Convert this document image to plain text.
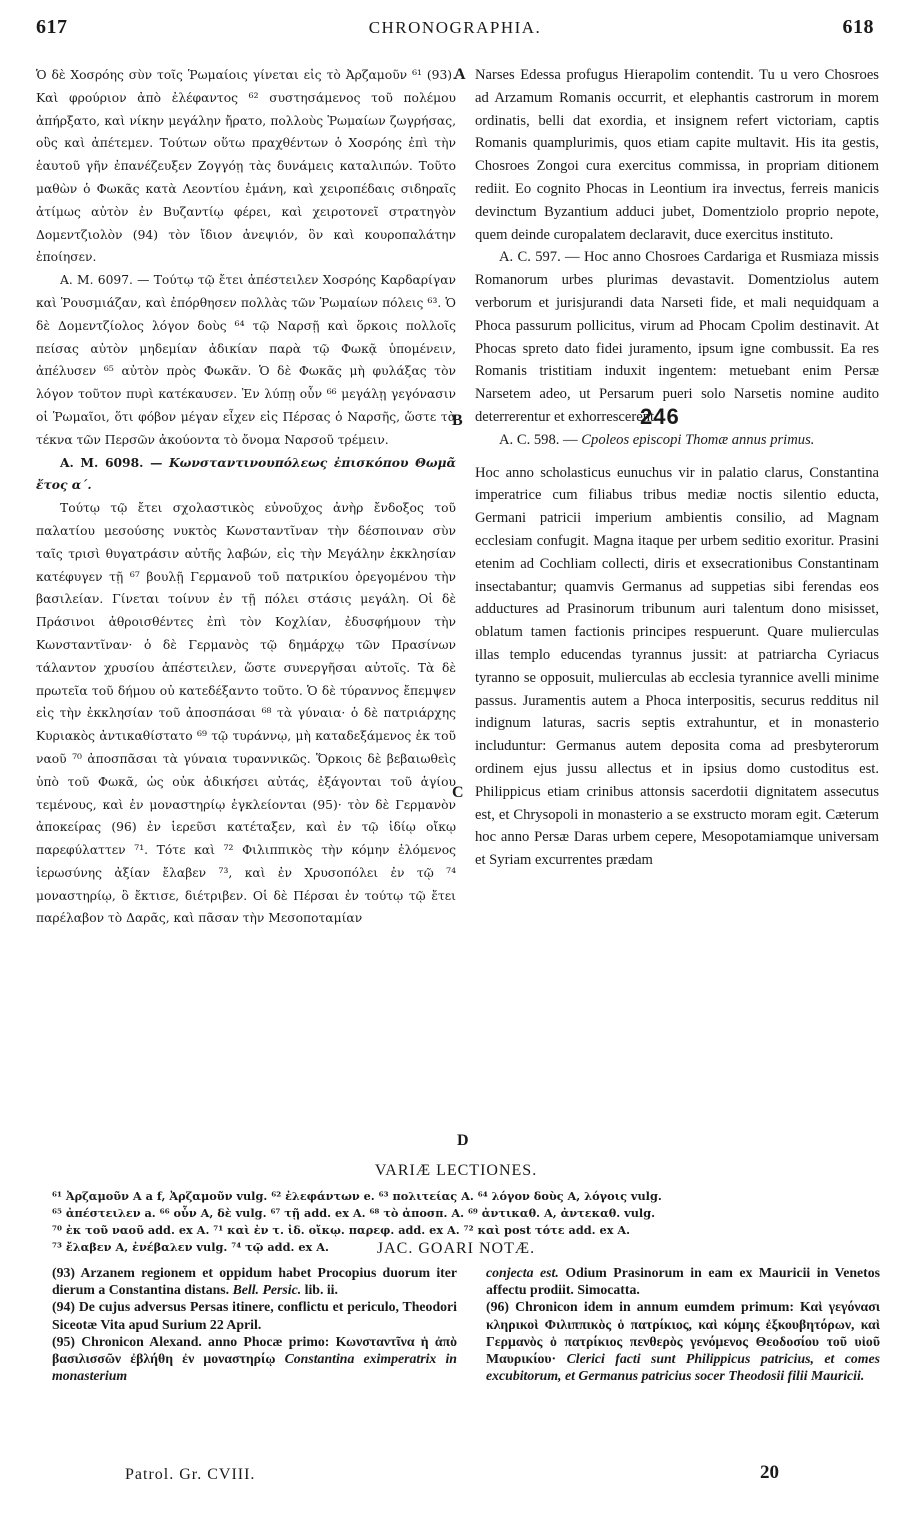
617	CHRONOGRAPHIA.	618

Ὁ δὲ Χοσρόης σὺν τοῖς Ῥωμαίοις γίνεται εἰς τὸ Ἀρζαμοῦν ⁶¹ (93). Καὶ φρούριον ἀπὸ ἐλέφαντος ⁶² συστησάμενος τοῦ πολέμου ἀπήρξατο, καὶ νίκην μεγάλην ἤρατο, πολλοὺς Ῥωμαίων ζωγρήσας, οὓς καὶ ἀπέτεμεν. Τούτων οὕτω πραχθέντων ὁ Χοσρόης ἐπὶ τὴν ἑαυτοῦ γῆν ἐπανέζευξεν Ζογγόῃ τὰς δυνάμεις καταλιπών. Τοῦτο μαθὼν ὁ Φωκᾶς κατὰ Λεοντίου ἐμάνη, καὶ χειροπέδαις σιδηραῖς ἀτίμως αὐτὸν ἐν Βυζαντίῳ φέρει, καὶ χειροτονεῖ στρατηγὸν Δομεντζιολὸν (94) τὸν ἴδιον ἀνεψιόν, ὃν καὶ κουροπαλάτην ἐποίησεν.

Α. Μ. 6097. — Τούτῳ τῷ ἔτει ἀπέστειλεν Χοσρόης Καρδαρίγαν καὶ Ῥουσμιάζαν, καὶ ἐπόρθησεν πολλὰς τῶν Ῥωμαίων πόλεις ⁶³. Ὁ δὲ Δομεντζίολος λόγον δοὺς ⁶⁴ τῷ Ναρσῇ καὶ ὅρκοις πολλοῖς πείσας αὐτὸν μηδεμίαν ἀδικίαν παρὰ τῷ Φωκᾷ ὑπομένειν, ἀπέλυσεν ⁶⁵ αὐτὸν πρὸς Φωκᾶν. Ὁ δὲ Φωκᾶς μὴ φυλάξας τὸν λόγον τοῦτον πυρὶ κατέκαυσεν. Ἐν λύπῃ οὖν ⁶⁶ μεγάλῃ γεγόνασιν οἱ Ῥωμαῖοι, ὅτι φόβον μέγαν εἶχεν εἰς Πέρσας ὁ Ναρσῆς, ὥστε τὰ τέκνα τῶν Περσῶν ἀκούοντα τὸ ὄνομα Ναρσοῦ τρέμειν.

Α. Μ. 6098. — Κωνσταντινουπόλεως ἐπισκόπου Θωμᾶ ἔτος α΄.

Τούτῳ τῷ ἔτει σχολαστικὸς εὐνοῦχος ἀνὴρ ἔνδοξος τοῦ παλατίου μεσούσης νυκτὸς Κωνσταντῖναν τὴν δέσποιναν σὺν ταῖς τρισὶ θυγατράσιν αὐτῆς λαβών, εἰς τὴν Μεγάλην ἐκκλησίαν κατέφυγεν τῇ ⁶⁷ βουλῇ Γερμανοῦ τοῦ πατρικίου ὀρεγομένου τὴν βασιλείαν. Γίνεται τοίνυν ἐν τῇ πόλει στάσις μεγάλη. Οἱ δὲ Πράσινοι ἀθροισθέντες ἐπὶ τὸν Κοχλίαν, ἐδυσφήμουν τὴν Κωνσταντῖναν· ὁ δὲ Γερμανὸς τῷ δημάρχῳ τῶν Πρασίνων τάλαντον χρυσίου ἀπέστειλεν, ὥστε συνεργῆσαι αὐτοῖς. Τὰ δὲ πρωτεῖα τοῦ δήμου οὐ κατεδέξαντο τοῦτο. Ὁ δὲ τύραννος ἔπεμψεν εἰς τὴν ἐκκλησίαν τοῦ ἀποσπάσαι ⁶⁸ τὰ γύναια· ὁ δὲ πατριάρχης Κυριακὸς ἀντικαθίστατο ⁶⁹ τῷ τυράννῳ, μὴ καταδεξάμενος ἐκ τοῦ ναοῦ ⁷⁰ ἀποσπᾶσαι τὰ γύναια τυραννικῶς. Ὅρκοις δὲ βεβαιωθεὶς ὑπὸ τοῦ Φωκᾶ, ὡς οὐκ ἀδικήσει αὐτάς, ἐξάγονται τοῦ ἁγίου τεμένους, καὶ ἐν μοναστηρίῳ ἐγκλείονται (95)· τὸν δὲ Γερμανὸν ἀποκείρας (96) ἐν ἱερεῦσι κατέταξεν, καὶ ἐν τῷ ἰδίῳ οἴκῳ παρεφύλαττεν ⁷¹. Τότε καὶ ⁷² Φιλιππικὸς τὴν κόμην ἐλόμενος ἱερωσύνης ἀξίαν ἔλαβεν ⁷³, καὶ ἐν Χρυσοπόλει ἐν τῷ ⁷⁴ μοναστηρίῳ, ὃ ἔκτισε, διέτριβεν. Οἱ δὲ Πέρσαι ἐν τούτῳ τῷ ἔτει παρέλαβον τὸ Δαρᾶς, καὶ πᾶσαν τὴν Μεσοποταμίαν

A
B
C
D

Narses Edessa profugus Hierapolim contendit. Tu u vero Chosroes ad Arzamum Romanis occurrit, et elephantis castrorum in morem ordinatis, belli dat exordia, et insignem refert victoriam, captis Romanis quamplurimis, quos etiam capite multavit. His ita gestis, Chosroes Zongoi cura exercitus commissa, in propriam ditionem rediit. Eo cognito Phocas in Leontium ira invectus, ferreis manicis devinctum Byzantium adduci jubet, Domentziolo proprio nepote, quem deinde curopalatem declaravit, duce exercitus instituto.

A. C. 597. — Hoc anno Chosroes Cardariga et Rusmiaza missis Romanorum urbes plurimas devastavit. Domentziolus autem verborum et jurisjurandi data Narseti fide, et mali nequidquam a Phoca passurum pollicitus, virum ad Phocam Cpolim destinavit. At Phocas spreto dato fidei juramento, ipsum igne combussit. Ea res Romanis tristitiam induxit ingentem: metuebant enim Persæ Narsetem adeo, ut Persarum pueri solo Narsetis nomine audito deterrerentur et exhorrescerent.

A. C. 598. — Cpoleos episcopi Thomæ annus primus.

Hoc anno scholasticus eunuchus vir in palatio clarus, Constantina imperatrice cum filiabus tribus mediæ noctis silentio educta, Germani patricii imperium ambientis consilio, ad Magnam ecclesiam confugit. Magna itaque per urbem seditio exoritur. Prasini etenim ad Cochliam collecti, diris et exsecrationibus Constantinam insectabantur; quamvis Germanus ad suppetias sibi ferendas eos adductures ad Prasinorum tribunum auri talentum dono misisset, oblatum tamen factionis principes respuerunt. Quare mulierculas illas templo educendas tyrannus jussit: at patriarcha Cyriacus tyranno se opposuit, mulierculas ab ecclesia tyrannice avelli minime passus. Juramentis autem a Phoca interpositis, securus redditus nil indignum laturas, sacris septis extrahuntur, et in monasterio includuntur: Germanus autem deposita coma ad presbyterorum ordinem ejus jussu allectus et in ipsius domo custoditus est. Philippicus etiam crinibus attonsis sacerdotii dignitatem assecutus est, et Chrysopoli in monasterio a se exstructo moram egit. Cæterum hoc anno Persæ Daras urbem cepere, Mesopotamiamque universam et Syriam excurrentes prædam

246
VARIÆ LECTIONES.
⁶¹ Ἀρζαμοῦν A a f, Ἀρζαμοῦν vulg. ⁶² ἐλεφάντων e. ⁶³ πολιτείας A. ⁶⁴ λόγον δοὺς A, λόγοις vulg.
⁶⁵ ἀπέστειλεν a. ⁶⁶ οὖν A, δὲ vulg. ⁶⁷ τῇ add. ex A. ⁶⁸ τὸ ἀποσπ. A. ⁶⁹ ἀντικαθ. A, ἀντεκαθ. vulg.
⁷⁰ ἐκ τοῦ ναοῦ add. ex A. ⁷¹ καὶ ἐν τ. ἰδ. οἴκῳ. παρεφ. add. ex A. ⁷² καὶ post τότε add. ex A.
⁷³ ἔλαβεν A, ἐνέβαλεν vulg. ⁷⁴ τῷ add. ex A.	JAC. GOARI NOTÆ.

(93) Arzanem regionem et oppidum habet Procopius duorum iter dierum a Constantina distans. Bell. Persic. lib. ii.

(94) De cujus adversus Persas itinere, conflictu et periculo, Theodori Siceotæ Vita apud Surium 22 April.

(95) Chronicon Alexand. anno Phocæ primo: Κωνσταντῖνα ἡ ἀπὸ βασιλισσῶν ἐβλήθη ἐν μοναστηρίῳ Constantina eximperatrix in monasterium

conjecta est. Odium Prasinorum in eam ex Mauricii in Venetos affectu prodiit. Simocatta.

(96) Chronicon idem in annum eumdem primum: Καὶ γεγόνασι κληρικοὶ Φιλιππικὸς ὁ πατρίκιος, καὶ κόμης ἐξκουβητόρων, καὶ Γερμανὸς ὁ πατρίκιος πενθερὸς γενόμενος Θεοδοσίου τοῦ υἱοῦ Μαυρικίου· Clerici facti sunt Philippicus patricius, et comes excubitorum, et Germanus patricius socer Theodosii filii Mauricii.

Patrol. Gr. CVIII.	20
